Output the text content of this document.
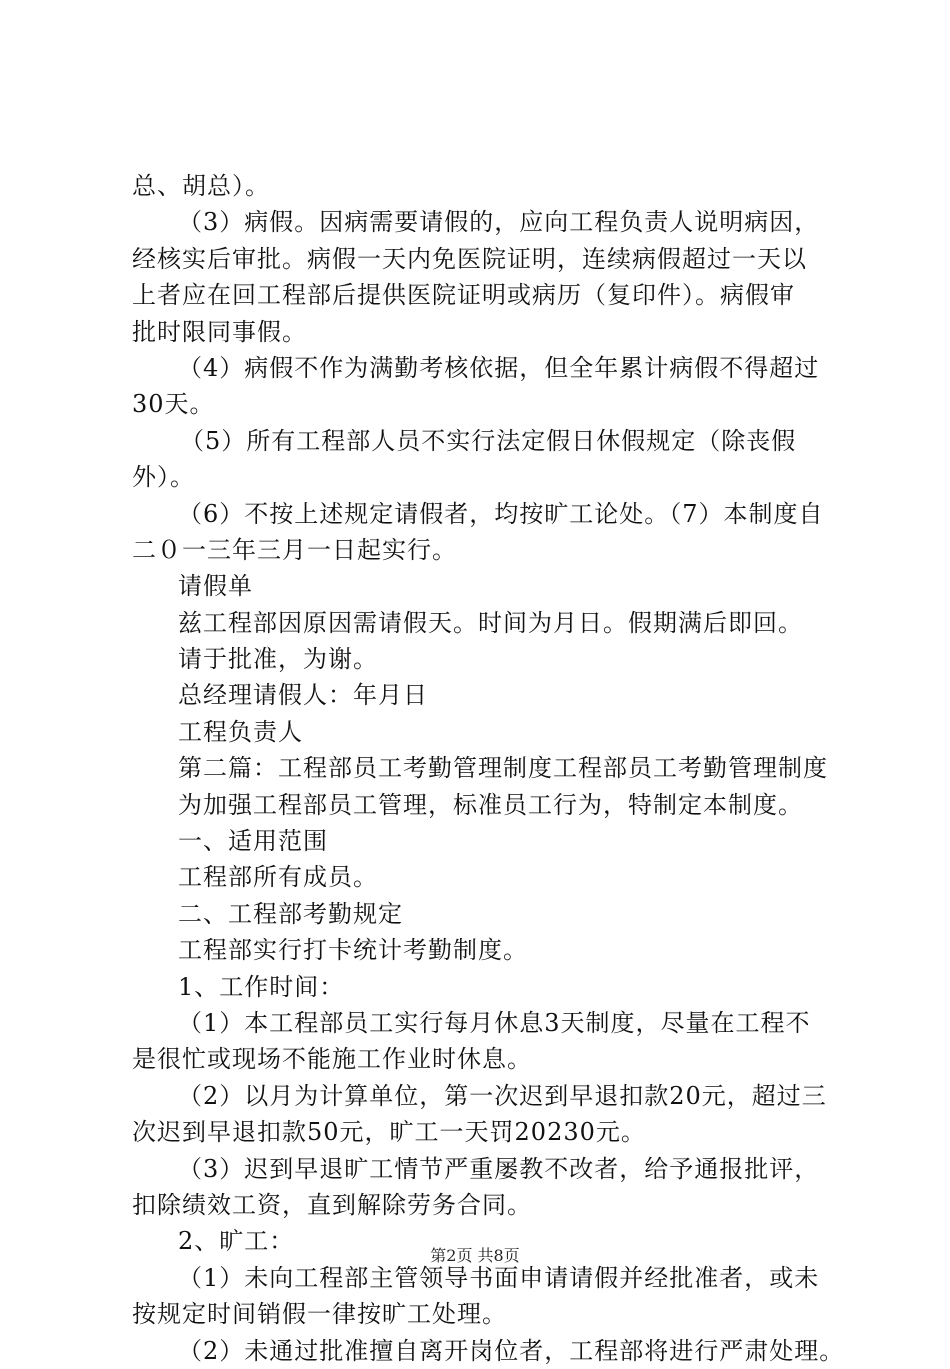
总、胡总）。
（3）病假。因病需要请假的，应向工程负责人说明病因，
经核实后审批。病假一天内免医院证明，连续病假超过一天以
上者应在回工程部后提供医院证明或病历（复印件）。病假审
批时限同事假。
（4）病假不作为满勤考核依据，但全年累计病假不得超过
30天。
（5）所有工程部人员不实行法定假日休假规定（除丧假
外）。
（6）不按上述规定请假者，均按旷工论处。（7）本制度自
二０一三年三月一日起实行。
请假单
兹工程部因原因需请假天。时间为月日。假期满后即回。
请于批准，为谢。
总经理请假人：年月日
工程负责人
第二篇：工程部员工考勤管理制度工程部员工考勤管理制度
为加强工程部员工管理，标准员工行为，特制定本制度。
一、适用范围
工程部所有成员。
二、工程部考勤规定
工程部实行打卡统计考勤制度。
1、工作时间：
（1）本工程部员工实行每月休息3天制度，尽量在工程不
是很忙或现场不能施工作业时休息。
（2）以月为计算单位，第一次迟到早退扣款20元，超过三
次迟到早退扣款50元，旷工一天罚20230元。
（3）迟到早退旷工情节严重屡教不改者，给予通报批评，
扣除绩效工资，直到解除劳务合同。
2、旷工：
（1）未向工程部主管领导书面申请请假并经批准者，或未
按规定时间销假一律按旷工处理。
（2）未通过批准擅自离开岗位者，工程部将进行严肃处理。
第2页 共8页
